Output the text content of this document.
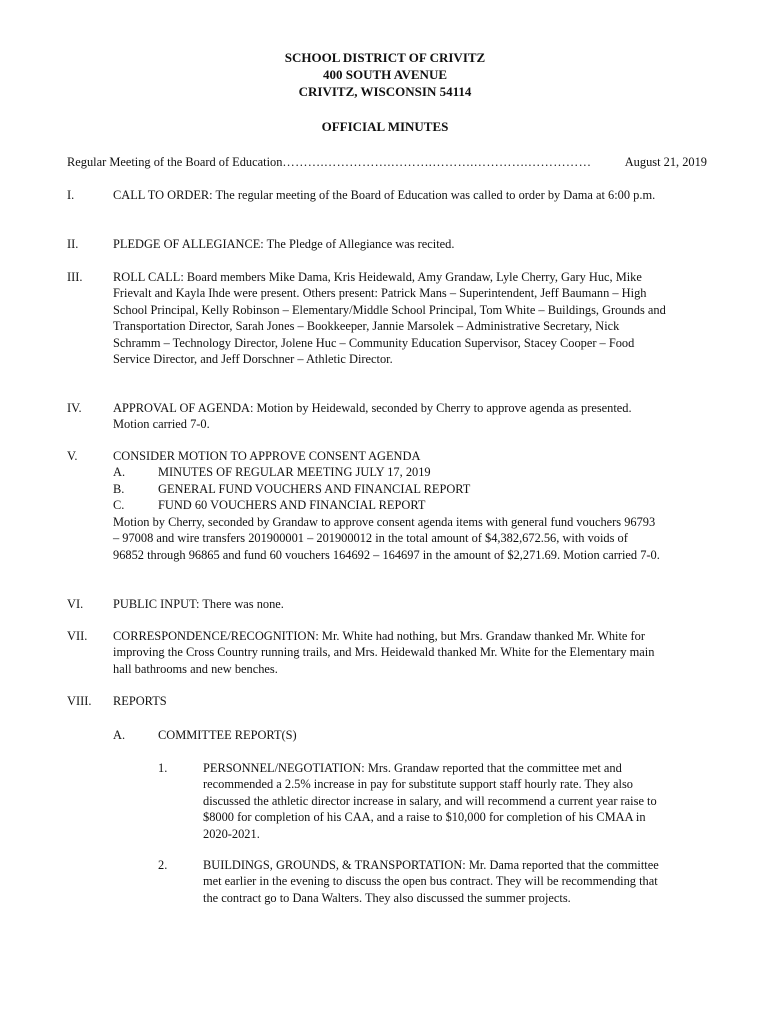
SCHOOL DISTRICT OF CRIVITZ
400 SOUTH AVENUE
CRIVITZ, WISCONSIN 54114
OFFICIAL MINUTES
Regular Meeting of the Board of Education ……….…………….……….……….………….……………	August 21, 2019
I.	CALL TO ORDER: The regular meeting of the Board of Education was called to order by Dama at 6:00 p.m.
II.	PLEDGE OF ALLEGIANCE: The Pledge of Allegiance was recited.
III. ROLL CALL: Board members Mike Dama, Kris Heidewald, Amy Grandaw, Lyle Cherry, Gary Huc, Mike Frievalt and Kayla Ihde were present. Others present: Patrick Mans – Superintendent, Jeff Baumann – High School Principal, Kelly Robinson – Elementary/Middle School Principal, Tom White – Buildings, Grounds and Transportation Director, Sarah Jones – Bookkeeper, Jannie Marsolek – Administrative Secretary, Nick Schramm – Technology Director, Jolene Huc – Community Education Supervisor, Stacey Cooper – Food Service Director, and Jeff Dorschner – Athletic Director.
IV.	APPROVAL OF AGENDA: Motion by Heidewald, seconded by Cherry to approve agenda as presented. Motion carried 7-0.
V.	CONSIDER MOTION TO APPROVE CONSENT AGENDA
A.	MINUTES OF REGULAR MEETING JULY 17, 2019
B.	GENERAL FUND VOUCHERS AND FINANCIAL REPORT
C.	FUND 60 VOUCHERS AND FINANCIAL REPORT
Motion by Cherry, seconded by Grandaw to approve consent agenda items with general fund vouchers 96793 – 97008 and wire transfers 201900001 – 201900012 in the total amount of $4,382,672.56, with voids of 96852 through 96865 and fund 60 vouchers 164692 – 164697 in the amount of $2,271.69. Motion carried 7-0.
VI. PUBLIC INPUT: There was none.
VII. CORRESPONDENCE/RECOGNITION: Mr. White had nothing, but Mrs. Grandaw thanked Mr. White for improving the Cross Country running trails, and Mrs. Heidewald thanked Mr. White for the Elementary main hall bathrooms and new benches.
VIII. REPORTS
A.	COMMITTEE REPORT(S)
1.	PERSONNEL/NEGOTIATION: Mrs. Grandaw reported that the committee met and recommended a 2.5% increase in pay for substitute support staff hourly rate. They also discussed the athletic director increase in salary, and will recommend a current year raise to $8000 for completion of his CAA, and a raise to $10,000 for completion of his CMAA in 2020-2021.
2.	BUILDINGS, GROUNDS, & TRANSPORTATION: Mr. Dama reported that the committee met earlier in the evening to discuss the open bus contract. They will be recommending that the contract go to Dana Walters. They also discussed the summer projects.
